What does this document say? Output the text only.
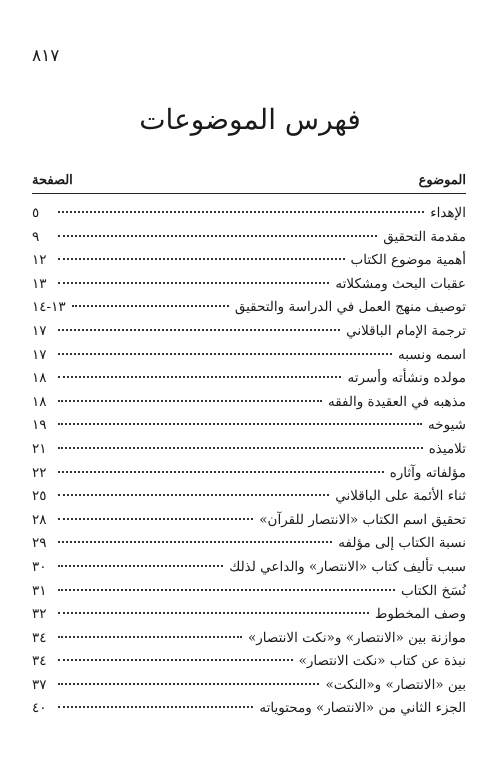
٨١٧
فهرس الموضوعات
الموضوع
الصفحة
الإهداء
٥
مقدمة التحقيق
٩
أهمية موضوع الكتاب
١٢
عقبات البحث ومشكلاته
١٣
توصيف منهج العمل في الدراسة والتحقيق
١٣-١٤
ترجمة الإمام الباقلاني
١٧
اسمه ونسبه
١٧
مولده ونشأته وأسرته
١٨
مذهبه في العقيدة والفقه
١٨
شيوخه
١٩
تلاميذه
٢١
مؤلفاته وآثاره
٢٢
ثناء الأئمة على الباقلاني
٢٥
تحقيق اسم الكتاب «الانتصار للقرآن»
٢٨
نسبة الكتاب إلى مؤلفه
٢٩
سبب تأليف كتاب «الانتصار» والداعي لذلك
٣٠
نُسَخ الكتاب
٣١
وصف المخطوط
٣٢
موازنة بين «الانتصار» و«نكت الانتصار»
٣٤
نبذة عن كتاب «نكت الانتصار»
٣٤
بين «الانتصار» و«النكت»
٣٧
الجزء الثاني من «الانتصار» ومحتوياته
٤٠
